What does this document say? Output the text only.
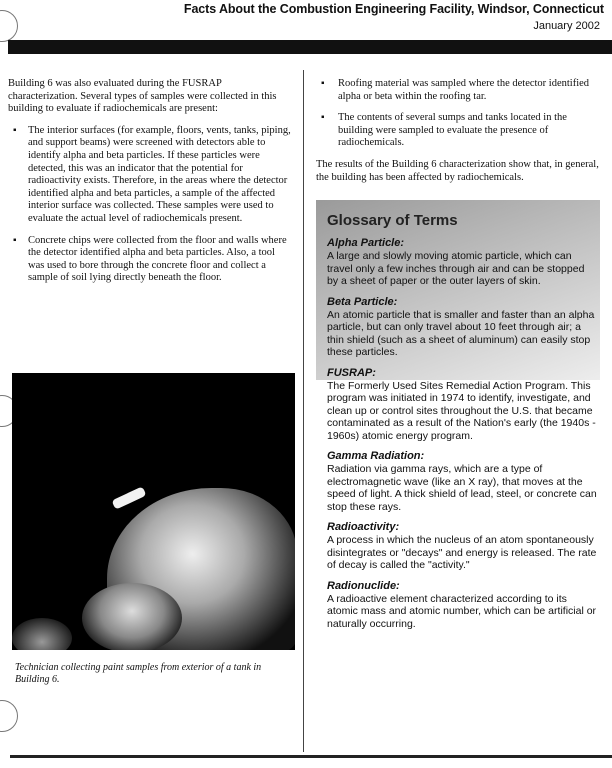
Facts About the Combustion Engineering Facility, Windsor, Connecticut
January 2002

Building 6 was also evaluated during the FUSRAP characterization. Several types of samples were collected in this building to evaluate if radiochemicals are present:

▪ The interior surfaces (for example, floors, vents, tanks, piping, and support beams) were screened with detectors able to identify alpha and beta particles. If these particles were detected, this was an indicator that the potential for radioactivity exists. Therefore, in the areas where the detector identified alpha and beta particles, a sample of the affected interior surface was collected. These samples were used to evaluate the actual level of radiochemicals present.
▪ Concrete chips were collected from the floor and walls where the detector identified alpha and beta particles. Also, a tool was used to bore through the concrete floor and collect a sample of soil lying directly beneath the floor.
Technician collecting paint samples from exterior of a tank in Building 6.
▪ Roofing material was sampled where the detector identified alpha or beta within the roofing tar.
▪ The contents of several sumps and tanks located in the building were sampled to evaluate the presence of radiochemicals.

The results of the Building 6 characterization show that, in general, the building has been affected by radiochemicals.

Glossary of Terms
Alpha Particle:
A large and slowly moving atomic particle, which can travel only a few inches through air and can be stopped by a sheet of paper or the outer layers of skin.
Beta Particle:
An atomic particle that is smaller and faster than an alpha particle, but can only travel about 10 feet through air; a thin shield (such as a sheet of aluminum) can easily stop these particles.
FUSRAP:
The Formerly Used Sites Remedial Action Program. This program was initiated in 1974 to identify, investigate, and clean up or control sites throughout the U.S. that became contaminated as a result of the Nation's early (the 1940s - 1960s) atomic energy program.
Gamma Radiation:
Radiation via gamma rays, which are a type of electromagnetic wave (like an X ray), that moves at the speed of light. A thick shield of lead, steel, or concrete can stop these rays.
Radioactivity:
A process in which the nucleus of an atom spontaneously disintegrates or "decays" and energy is released. The rate of decay is called the "activity."
Radionuclide:
A radioactive element characterized according to its atomic mass and atomic number, which can be artificial or naturally occurring.
